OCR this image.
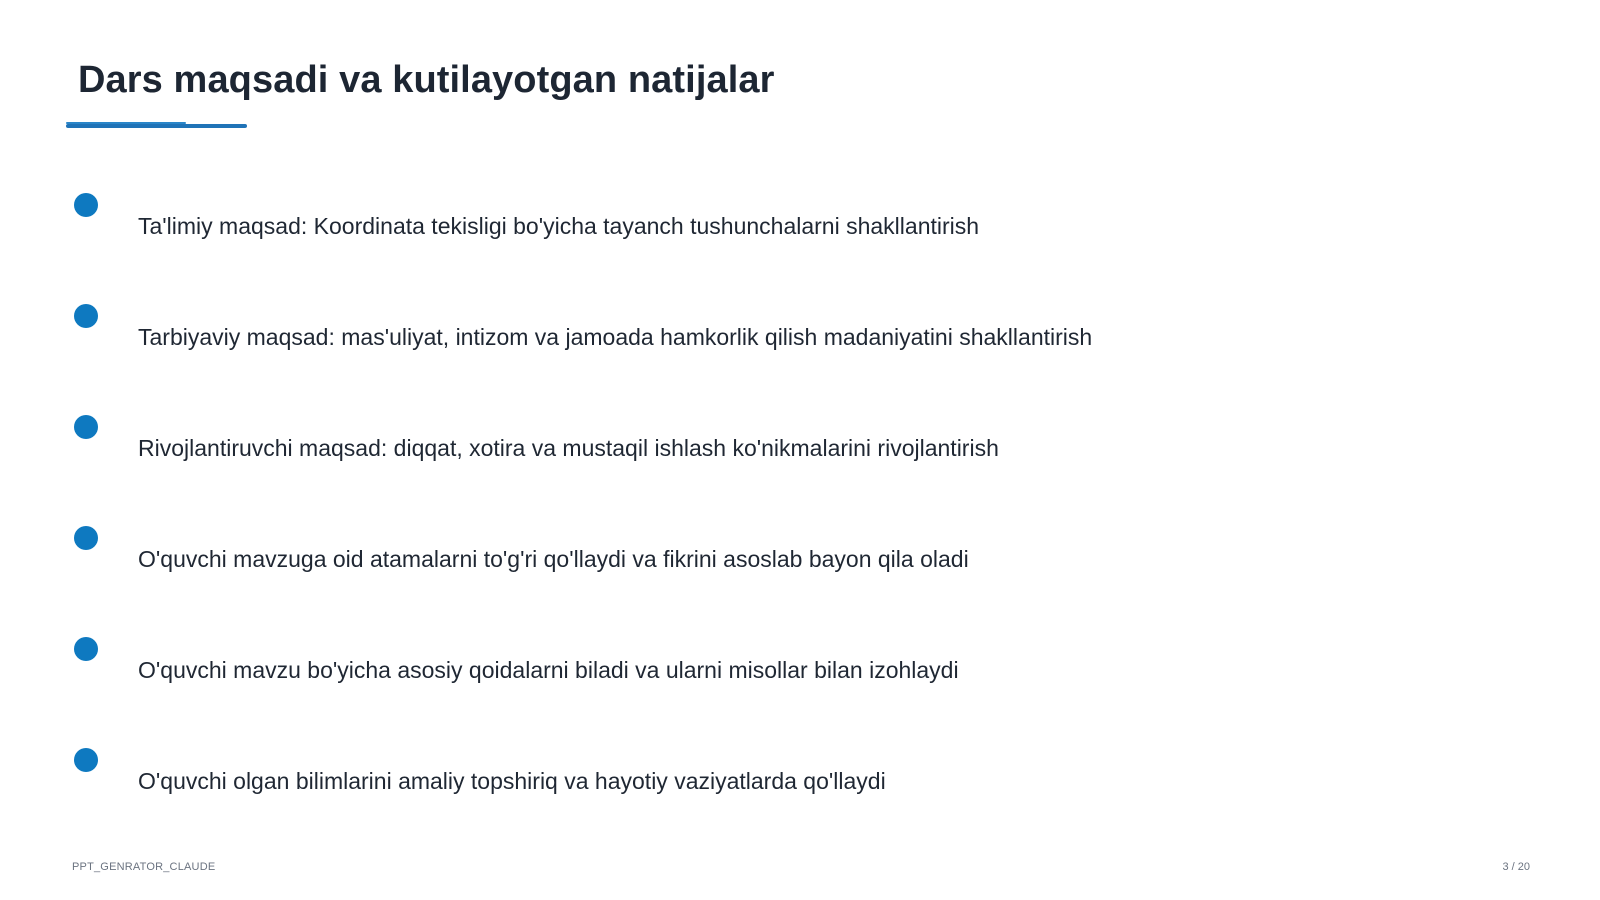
Dars maqsadi va kutilayotgan natijalar
Ta'limiy maqsad: Koordinata tekisligi bo'yicha tayanch tushunchalarni shakllantirish
Tarbiyaviy maqsad: mas'uliyat, intizom va jamoada hamkorlik qilish madaniyatini shakllantirish
Rivojlantiruvchi maqsad: diqqat, xotira va mustaqil ishlash ko'nikmalarini rivojlantirish
O'quvchi mavzuga oid atamalarni to'g'ri qo'llaydi va fikrini asoslab bayon qila oladi
O'quvchi mavzu bo'yicha asosiy qoidalarni biladi va ularni misollar bilan izohlaydi
O'quvchi olgan bilimlarini amaliy topshiriq va hayotiy vaziyatlarda qo'llaydi
PPT_GENRATOR_CLAUDE	3 / 20
